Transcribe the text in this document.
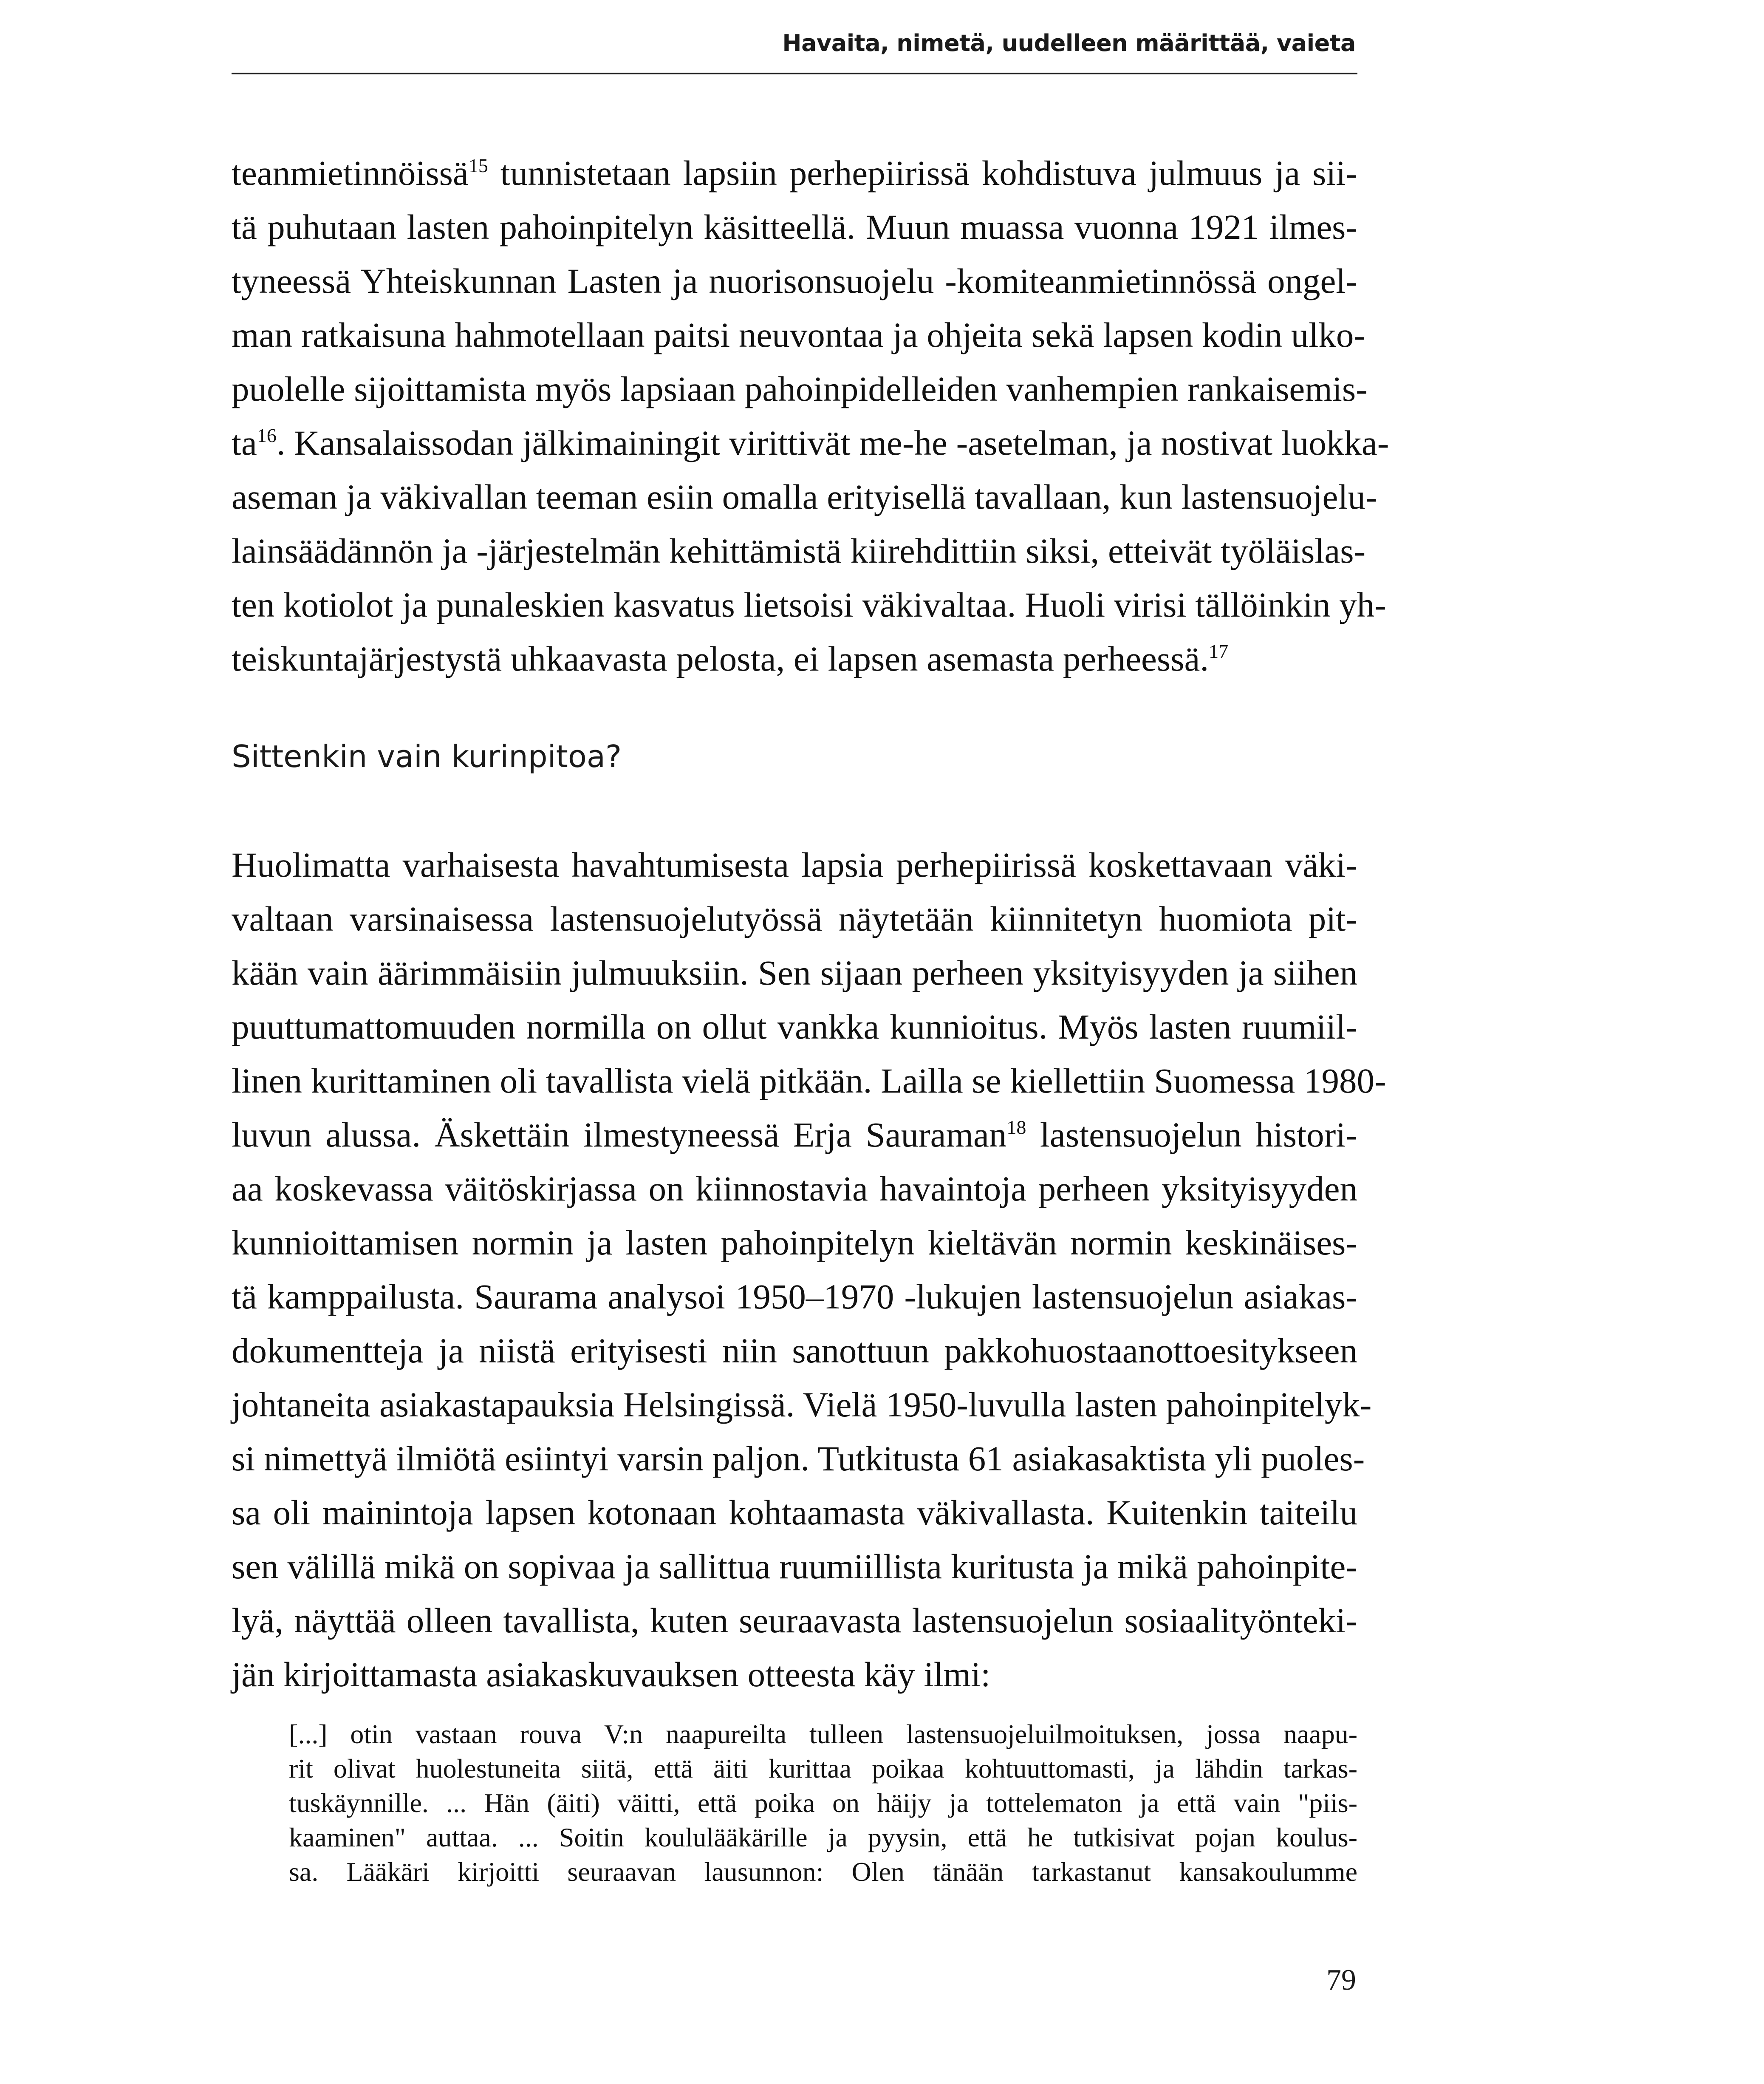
Havaita, nimetä, uudelleen määrittää, vaieta
teanmietinnöissä$^{15}$ tunnistetaan lapsiin perhepiirissä kohdistuva julmuus ja sii-
tä puhutaan lasten pahoinpitelyn käsitteellä. Muun muassa vuonna 1921 ilmes-
tyneessä Yhteiskunnan Lasten ja nuorisonsuojelu -komiteanmietinnössä ongel-
man ratkaisuna hahmotellaan paitsi neuvontaa ja ohjeita sekä lapsen kodin ulko-
puolelle sijoittamista myös lapsiaan pahoinpidelleiden vanhempien rankaisemis-
$ta^{16}$. Kansalaissodan jälkimainingit virittivät me-he -asetelman, ja nostivat luokka-
aseman ja väkivallan teeman esiin omalla erityisellä tavallaan, kun lastensuojelu-
lainsäädännön ja -järjestelmän kehittämistä kiirehdittiin siksi, etteivät työläislas-
ten kotiolot ja punaleskien kasvatus lietsoisi väkivaltaa. Huoli virisi tällöinkin yh-
teiskuntajärjestystä uhkaavasta pelosta, ei lapsen asemasta perheessä.$^{17}$
Sittenkin vain kurinpitoa?
Huolimatta varhaisesta havahtumisesta lapsia perhepiirissä koskettavaan väki-
valtaan varsinaisessa lastensuojelutyössä näytetään kiinnitetyn huomiota pit-
kään vain äärimmäisiin julmuuksiin. Sen sijaan perheen yksityisyyden ja siihen
puuttumattomuuden normilla on ollut vankka kunnioitus. Myös lasten ruumiil-
linen kurittaminen oli tavallista vielä pitkään. Lailla se kiellettiin Suomessa 1980-
luvun alussa. Äskettäin ilmestyneessä Erja Sauraman$^{18}$ lastensuojelun histori-
aa koskevassa väitöskirjassa on kiinnostavia havaintoja perheen yksityisyyden
kunnioittamisen normin ja lasten pahoinpitelyn kieltävän normin keskinäises-
tä kamppailusta. Saurama analysoi 1950–1970 -lukujen lastensuojelun asiakas-
dokumentteja ja niistä erityisesti niin sanottuun pakkohuostaanottoesitykseen
johtaneita asiakastapauksia Helsingissä. Vielä 1950-luvulla lasten pahoinpitelyk-
si nimettyä ilmiötä esiintyi varsin paljon. Tutkitusta 61 asiakasaktista yli puoles-
sa oli mainintoja lapsen kotonaan kohtaamasta väkivallasta. Kuitenkin taiteilu
sen välillä mikä on sopivaa ja sallittua ruumiillista kuritusta ja mikä pahoinpite-
lyä, näyttää olleen tavallista, kuten seuraavasta lastensuojelun sosiaalityönteki-
jän kirjoittamasta asiakaskuvauksen otteesta käy ilmi:
[...] otin vastaan rouva V:n naapureilta tulleen lastensuojeluilmoituksen, jossa naapu-
rit olivat huolestuneita siitä, että äiti kurittaa poikaa kohtuuttomasti, ja lähdin tarkas-
tuskäynnille. ... Hän (äiti) väitti, että poika on häijy ja tottelematon ja että vain "piis-
kaaminen" auttaa. ... Soitin koululääkärille ja pyysin, että he tutkisivat pojan koulus-
sa. Lääkäri kirjoitti seuraavan lausunnon: Olen tänään tarkastanut kansakoulumme
79
